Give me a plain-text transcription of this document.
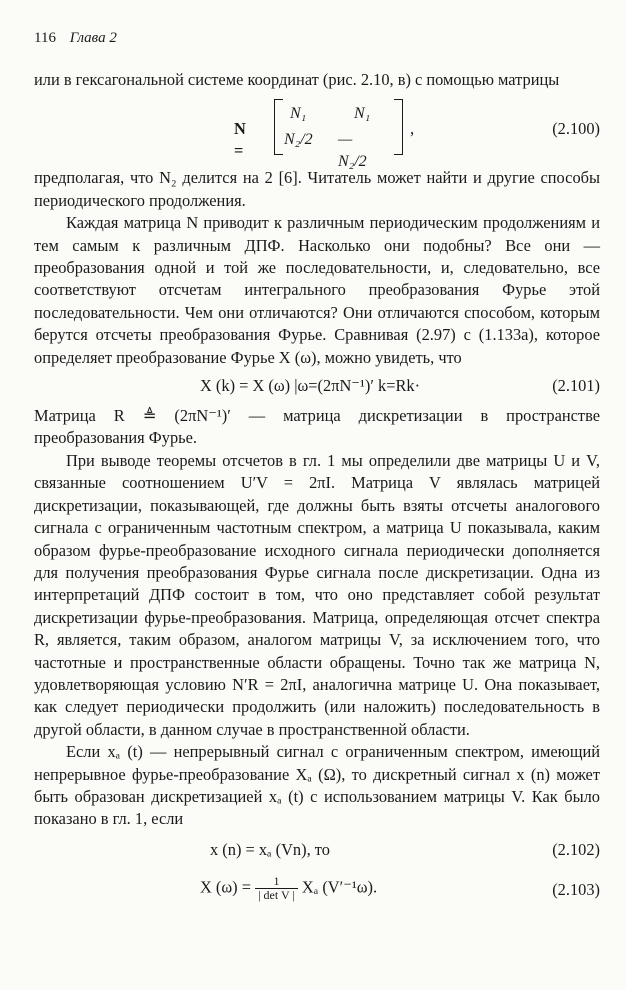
116 Глава 2

или в гексагональной системе координат (рис. 2.10, в) с помощью матрицы

N =
N₁	N₁
N₂/2 —N₂/2
,	(2.100)

предполагая, что N₂ делится на 2 [6]. Читатель может найти и другие способы периодического продолжения.

Каждая матрица N приводит к различным периодическим продолжениям и тем самым к различным ДПФ. Насколько они подобны? Все они — преобразования одной и той же последовательности, и, следовательно, все соответствуют отсчетам интегрального преобразования Фурье этой последовательности. Чем они отличаются? Они отличаются способом, которым берутся отсчеты преобразования Фурье. Сравнивая (2.97) с (1.133а), которое определяет преобразование Фурье X (ω), можно увидеть, что

X (k) = X (ω) |ω=(2πN⁻¹)′ k=Rk·	(2.101)

Матрица R ≜ (2πN⁻¹)′ — матрица дискретизации в пространстве преобразования Фурье.

При выводе теоремы отсчетов в гл. 1 мы определили две матрицы U и V, связанные соотношением U′V = 2πI. Матрица V являлась матрицей дискретизации, показывающей, где должны быть взяты отсчеты аналогового сигнала с ограниченным частотным спектром, а матрица U показывала, каким образом фурье-преобразование исходного сигнала периодически дополняется для получения преобразования Фурье сигнала после дискретизации. Одна из интерпретаций ДПФ состоит в том, что оно представляет собой результат дискретизации фурье-преобразования. Матрица, определяющая отсчет спектра R, является, таким образом, аналогом матрицы V, за исключением того, что частотные и пространственные области обращены. Точно так же матрица N, удовлетворяющая условию N′R = 2πI, аналогична матрице U. Она показывает, как следует периодически продолжить (или наложить) последовательность в другой области, в данном случае в пространственной области.

Если xₐ (t) — непрерывный сигнал с ограниченным спектром, имеющий непрерывное фурье-преобразование Xₐ (Ω), то дискретный сигнал x (n) может быть образован дискретизацией xₐ (t) с использованием матрицы V. Как было показано в гл. 1, если

x (n) = xₐ (Vn), то	(2.102)
X $(\omega) = \frac{1}{\text{| det V |}}$ Xₐ (V′⁻¹ω).	(2.103)
